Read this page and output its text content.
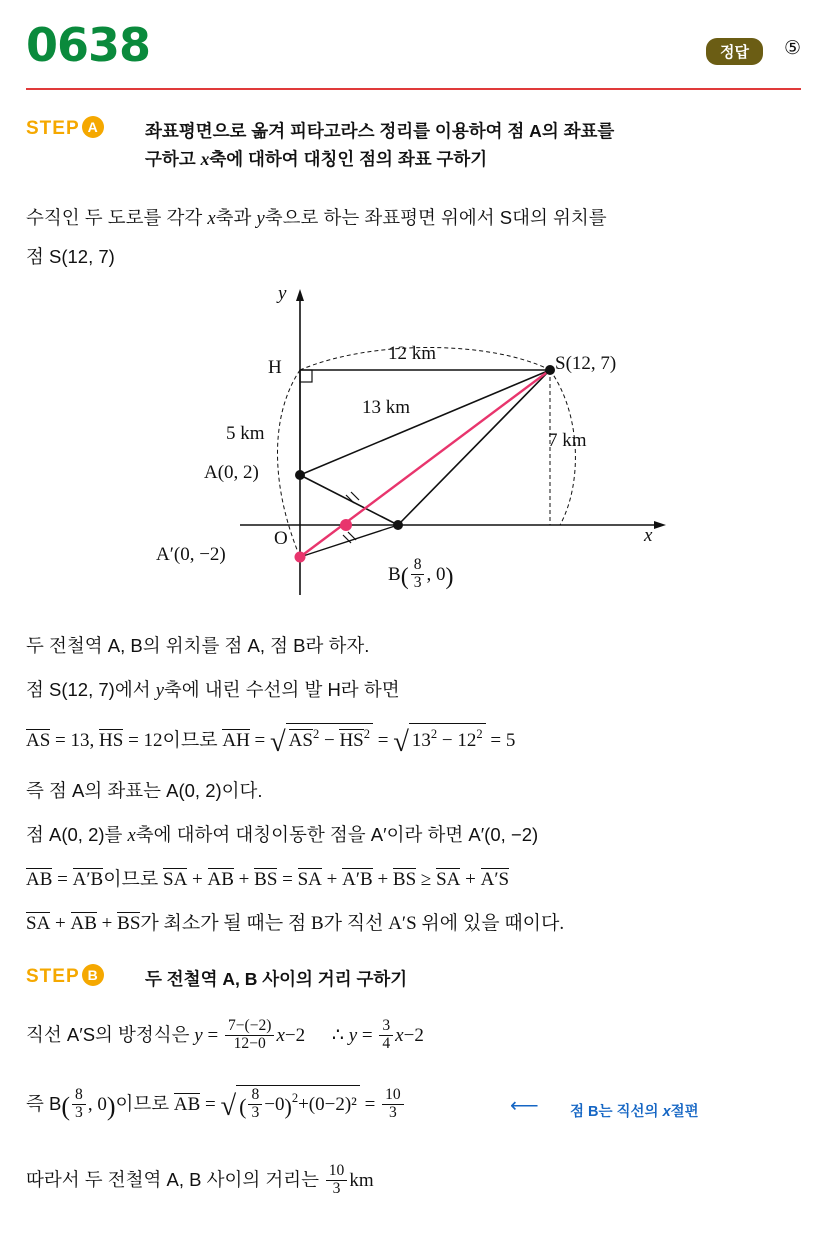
0638	정답	⑤
STEP A	좌표평면으로 옮겨 피타고라스 정리를 이용하여 점 A의 좌표를
구하고 x축에 대하여 대칭인 점의 좌표 구하기
수직인 두 도로를 각각 x축과 y축으로 하는 좌표평면 위에서 S대의 위치를
점 S(12, 7)
y
x
H	S(12, 7)
A(0, 2)
A′(0, −2)
O
$B( \frac{8}{3}$ , 0)
12 km
13 km
5 km	7 km
두 전철역 A, B의 위치를 점 A, 점 B라 하자.
점 S(12, 7)에서 y축에 내린 수선의 발 H라 하면
AS = 13, HS = 12이므로 AH = √ $AS^2 - HS^2$ = √ $13^2 - 12^2 = 5$
즉 점 A의 좌표는 A(0, 2)이다.
점 A(0, 2)를 x축에 대하여 대칭이동한 점을 A′이라 하면 A′(0, −2)
AB = A′B이므로 SA + AB + BS = SA + A′B + BS ≥ SA + A′S
SA + AB + BS가 최소가 될 때는 점 B가 직선 A′S 위에 있을 때이다.
STEP B	두 전철역 A, B 사이의 거리 구하기
직선 A′S의 방정식은 $y = \frac{7-(-2)}{12-0} x-2$ ∴ $y = \frac{3}{4} x-2$
즉 $B( \frac{8}{3}$ , 0)이므로 AB = √ ( $\frac{8}{3} -0)^2+(0-2)^2 = \frac{10}{3}$	⟵ 점 B는 직선의 x절편
따라서 두 전철역 A, B 사이의 거리는 $\frac{10}{3}$ km
